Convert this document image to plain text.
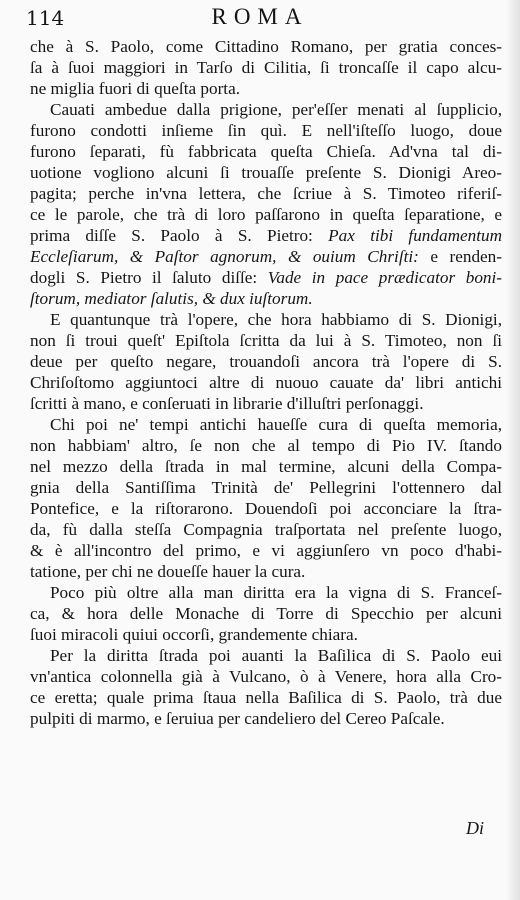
114	ROMA
che à S. Paolo, come Cittadino Romano, per gratia conces-
ſa à ſuoi maggiori in Tarſo di Cilitia, ſi troncaſſe il capo alcu-
ne miglia fuori di queſta porta.
Cauati ambedue dalla prigione, per'eſſer menati al ſupplicio,
furono condotti inſieme ſin quì. E nell'iſteſſo luogo, doue
furono ſeparati, fù fabbricata queſta Chieſa. Ad'vna tal di-
uotione vogliono alcuni ſi trouaſſe preſente S. Dionigi Areo-
pagita; perche in'vna lettera, che ſcriue à S. Timoteo riferiſ-
ce le parole, che trà di loro paſſarono in queſta ſeparatione, e
prima diſſe S. Paolo à S. Pietro: Pax tibi fundamentum
Eccleſiarum, & Paſtor agnorum, & ouium Chriſti: e renden-
dogli S. Pietro il ſaluto diſſe: Vade in pace prædicator boni-
ſtorum, mediator ſalutis, & dux iuſtorum.
E quantunque trà l'opere, che hora habbiamo di S. Dionigi,
non ſi troui queſt' Epiſtola ſcritta da lui à S. Timoteo, non ſi
deue per queſto negare, trouandoſi ancora trà l'opere di S.
Chriſoſtomo aggiuntoci altre di nuouo cauate da' libri antichi
ſcritti à mano, e conſeruati in librarie d'illuſtri perſonaggi.
Chi poi ne' tempi antichi haueſſe cura di queſta memoria,
non habbiam' altro, ſe non che al tempo di Pio IV. ſtando
nel mezzo della ſtrada in mal termine, alcuni della Compa-
gnia della Santiſſima Trinità de' Pellegrini l'ottennero dal
Pontefice, e la riſtorarono. Douendoſi poi acconciare la ſtra-
da, fù dalla steſſa Compagnia traſportata nel preſente luogo,
& è all'incontro del primo, e vi aggiunſero vn poco d'habi-
tatione, per chi ne doueſſe hauer la cura.
Poco più oltre alla man diritta era la vigna di S. Franceſ-
ca, & hora delle Monache di Torre di Specchio per alcuni
ſuoi miracoli quiui occorſi, grandemente chiara.
Per la diritta ſtrada poi auanti la Baſilica di S. Paolo eui
vn'antica colonnella già à Vulcano, ò à Venere, hora alla Cro-
ce eretta; quale prima ſtaua nella Baſilica di S. Paolo, trà due
pulpiti di marmo, e ſeruiua per candeliero del Cereo Paſcale.
Di
